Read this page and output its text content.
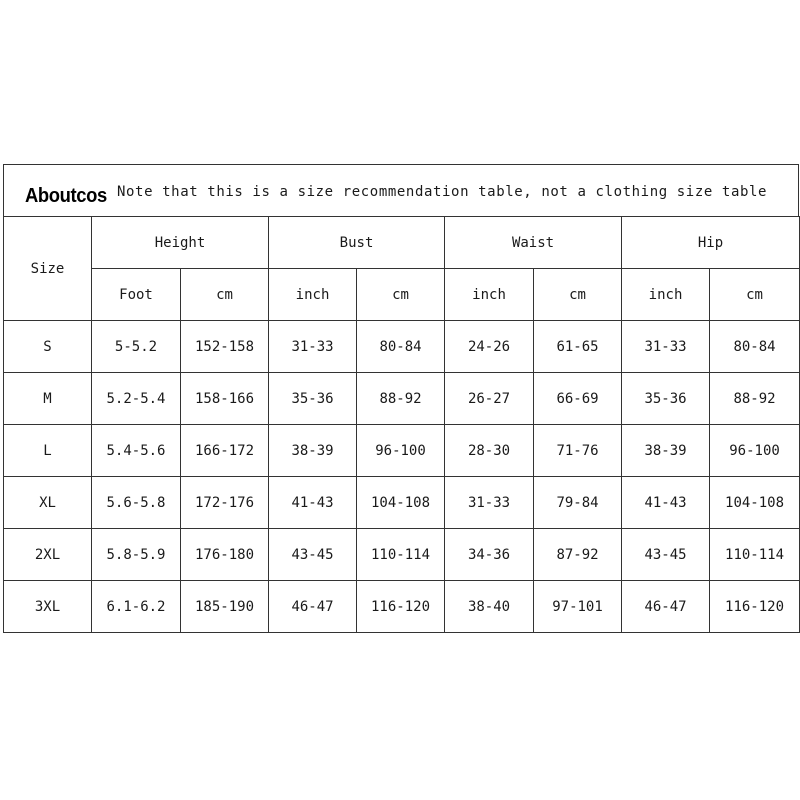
Note that this is a size recommendation table, not a clothing size table
Aboutcos
Size	Height		Bust		Waist		Hip	
	Foot	cm	inch	cm	inch	cm	inch	cm
S	5-5.2	152-158	31-33	80-84	24-26	61-65	31-33	80-84
M	5.2-5.4	158-166	35-36	88-92	26-27	66-69	35-36	88-92
L	5.4-5.6	166-172	38-39	96-100	28-30	71-76	38-39	96-100
XL	5.6-5.8	172-176	41-43	104-108	31-33	79-84	41-43	104-108
2XL	5.8-5.9	176-180	43-45	110-114	34-36	87-92	43-45	110-114
3XL	6.1-6.2	185-190	46-47	116-120	38-40	97-101	46-47	116-120
